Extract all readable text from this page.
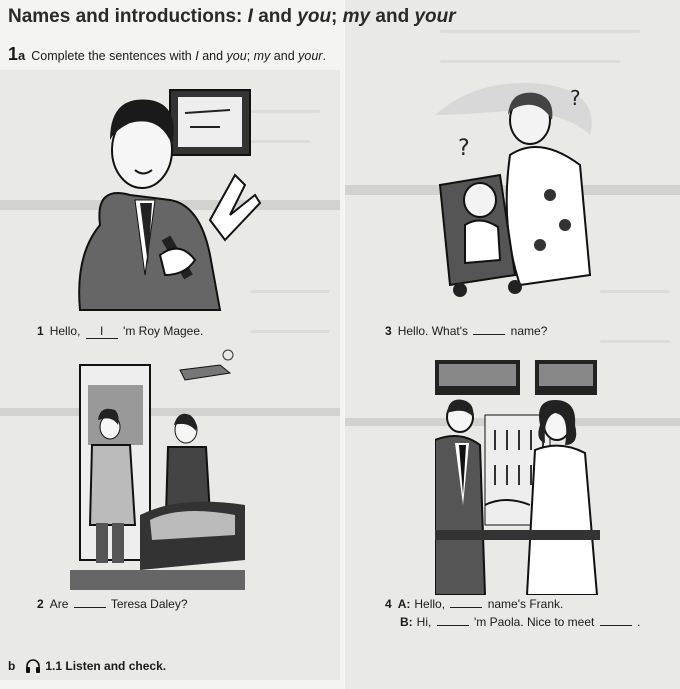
Names and introductions: I and you; my and your
1a Complete the sentences with I and you; my and your.
?
?
1 Hello, I 'm Roy Magee.	3 Hello. What's	name?
2 Are	Teresa Daley?	4 A: Hello,	name's Frank.
B: Hi,	'm Paola. Nice to meet	.
b	1.1 Listen and check.
